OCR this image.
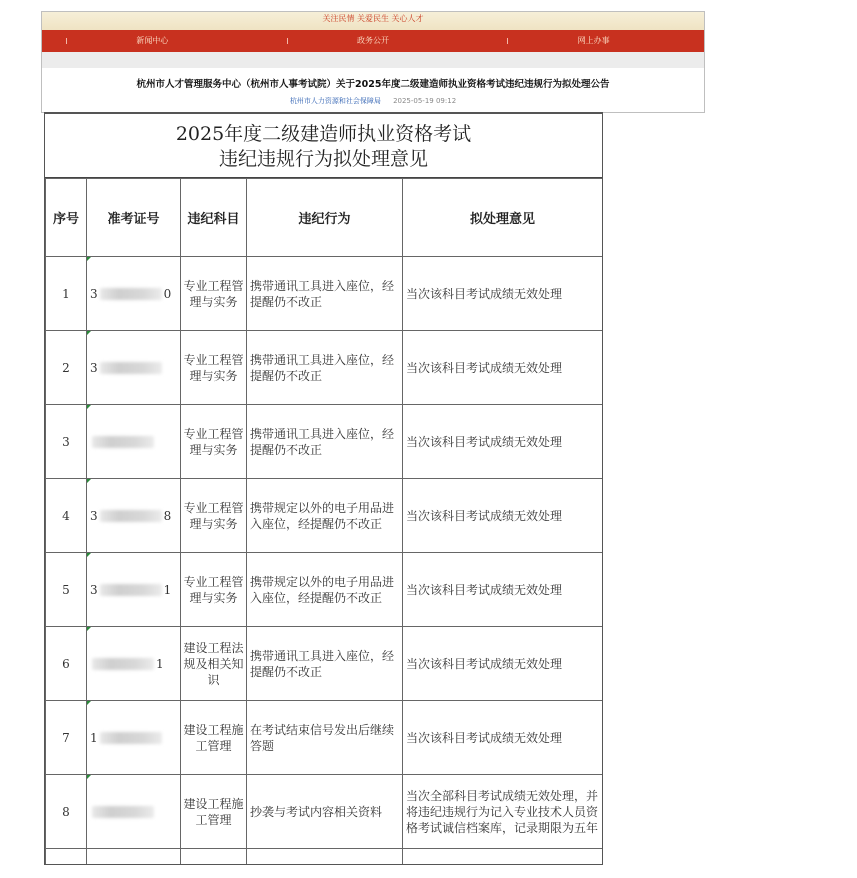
关注民情 关爱民生 关心人才
新闻中心	政务公开	网上办事
杭州市人才管理服务中心（杭州市人事考试院）关于2025年度二级建造师执业资格考试违纪违规行为拟处理公告
杭州市人力资源和社会保障局 2025-05-19 09:12
2025年度二级建造师执业资格考试
违纪违规行为拟处理意见
序号	准考证号	违纪科目	违纪行为	拟处理意见
1	3 0	专业工程管理与实务	携带通讯工具进入座位，经提醒仍不改正	当次该科目考试成绩无效处理
2	3	专业工程管理与实务	携带通讯工具进入座位，经提醒仍不改正	当次该科目考试成绩无效处理
3		专业工程管理与实务	携带通讯工具进入座位，经提醒仍不改正	当次该科目考试成绩无效处理
4	3 8	专业工程管理与实务	携带规定以外的电子用品进入座位，经提醒仍不改正	当次该科目考试成绩无效处理
5	3 1	专业工程管理与实务	携带规定以外的电子用品进入座位，经提醒仍不改正	当次该科目考试成绩无效处理
6	1	建设工程法规及相关知识	携带通讯工具进入座位，经提醒仍不改正	当次该科目考试成绩无效处理
7	1	建设工程施工管理	在考试结束信号发出后继续答题	当次该科目考试成绩无效处理
8		建设工程施工管理	抄袭与考试内容相关资料	当次全部科目考试成绩无效处理，并将违纪违规行为记入专业技术人员资格考试诚信档案库，记录期限为五年
